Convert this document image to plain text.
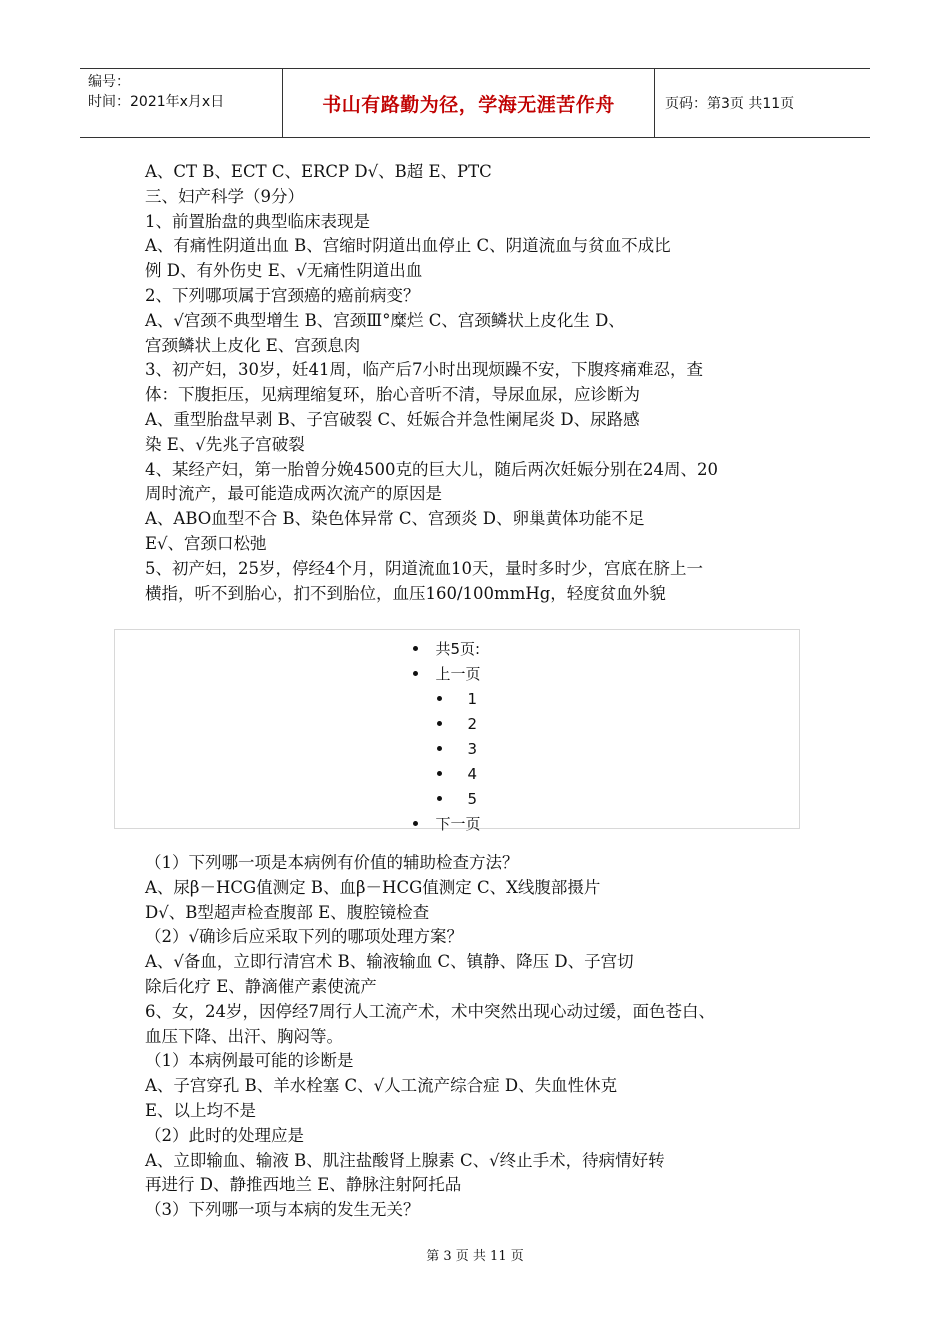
编号：
时间：2021年x月x日	书山有路勤为径，学海无涯苦作舟	页码：第3页 共11页

A、CT B、ECT C、ERCP D√、B超 E、PTC

三、妇产科学（9分）

1、前置胎盘的典型临床表现是

A、有痛性阴道出血 B、宫缩时阴道出血停止 C、阴道流血与贫血不成比

例 D、有外伤史 E、√无痛性阴道出血

2、下列哪项属于宫颈癌的癌前病变？

A、√宫颈不典型增生 B、宫颈Ⅲ°糜烂 C、宫颈鳞状上皮化生 D、

宫颈鳞状上皮化 E、宫颈息肉

3、初产妇，30岁，妊41周，临产后7小时出现烦躁不安，下腹疼痛难忍，查

体：下腹拒压，见病理缩复环，胎心音听不清，导尿血尿，应诊断为

A、重型胎盘早剥 B、子宫破裂 C、妊娠合并急性阑尾炎 D、尿路感

染 E、√先兆子宫破裂

4、某经产妇，第一胎曾分娩4500克的巨大儿，随后两次妊娠分别在24周、20

周时流产，最可能造成两次流产的原因是

A、ABO血型不合 B、染色体异常 C、宫颈炎 D、卵巢黄体功能不足

E√、宫颈口松弛

5、初产妇，25岁，停经4个月，阴道流血10天，量时多时少，宫底在脐上一

横指，听不到胎心，扪不到胎位，血压160/100mmHg，轻度贫血外貌

共5页:
上一页
1
2
3
4
5
下一页

（1）下列哪一项是本病例有价值的辅助检查方法？

A、尿β－HCG值测定 B、血β－HCG值测定 C、X线腹部摄片

D√、B型超声检查腹部 E、腹腔镜检查

（2）√确诊后应采取下列的哪项处理方案？

A、√备血，立即行清宫术 B、输液输血 C、镇静、降压 D、子宫切

除后化疗 E、静滴催产素使流产

6、女，24岁，因停经7周行人工流产术，术中突然出现心动过缓，面色苍白、

血压下降、出汗、胸闷等。

（1）本病例最可能的诊断是

A、子宫穿孔 B、羊水栓塞 C、√人工流产综合症 D、失血性休克

E、以上均不是

（2）此时的处理应是

A、立即输血、输液 B、肌注盐酸肾上腺素 C、√终止手术，待病情好转

再进行 D、静推西地兰 E、静脉注射阿托品

（3）下列哪一项与本病的发生无关？

第 3 页 共 11 页
